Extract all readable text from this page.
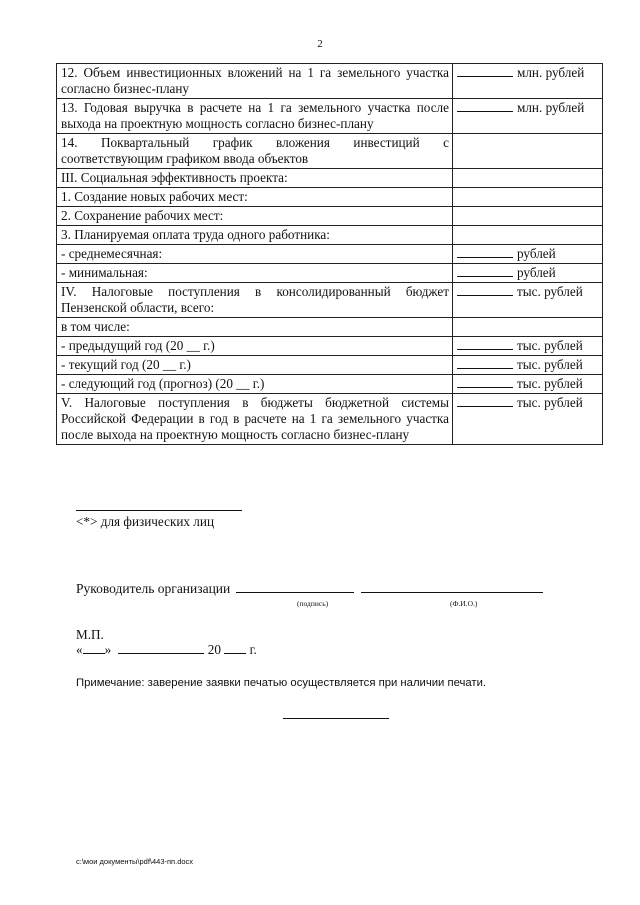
2
12. Объем инвестиционных вложений на 1 га земельного участка согласно бизнес-плану	млн. рублей
13. Годовая выручка в расчете на 1 га земельного участка после выхода на проектную мощность согласно бизнес-плану	млн. рублей
14. Поквартальный график вложения инвестиций с соответствующим графиком ввода объектов	
III. Социальная эффективность проекта:	
1. Создание новых рабочих мест:	
2. Сохранение рабочих мест:	
3. Планируемая оплата труда одного работника:	
- среднемесячная:	рублей
- минимальная:	рублей
IV. Налоговые поступления в консолидированный бюджет Пензенской области, всего:	тыс. рублей
в том числе:	
- предыдущий год (20 __ г.)	тыс. рублей
- текущий год (20 __ г.)	тыс. рублей
- следующий год (прогноз) (20 __ г.)	тыс. рублей
V. Налоговые поступления в бюджеты бюджетной системы Российской Федерации в год в расчете на 1 га земельного участка после выхода на проектную мощность согласно бизнес-плану	тыс. рублей
<*> для физических лиц
Руководитель организации
(подпись)	(Ф.И.О.)
М.П.
« »	20 г.
Примечание: заверение заявки печатью осуществляется при наличии печати.
c:\мои документы\pdf\443-пп.docx
